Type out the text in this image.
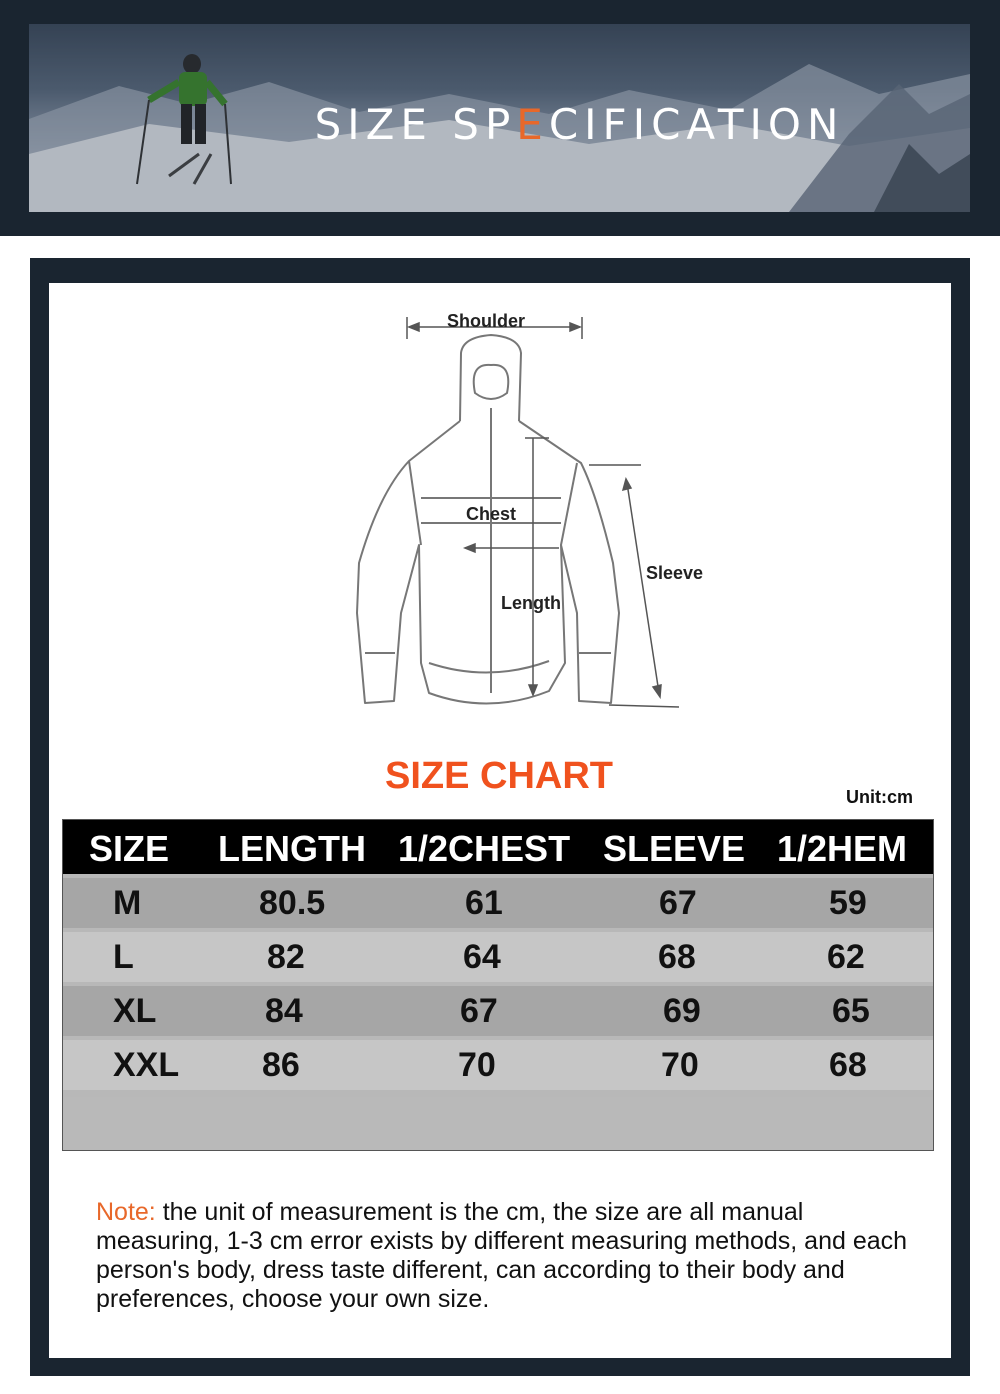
SIZE SPECIFICATION
Shoulder
Chest
Sleeve
Length
SIZE CHART	Unit:cm
SIZE LENGTH 1/2CHEST SLEEVE 1/2HEM
M	80.5	61	67	59
L	82	64	68	62
XL	84	67	69	65
XXL 86	70	70	68
Note: the unit of measurement is the cm, the size are all manual measuring, 1-3 cm error exists by different measuring methods, and each person's body, dress taste different, can according to their body and preferences, choose your own size.
